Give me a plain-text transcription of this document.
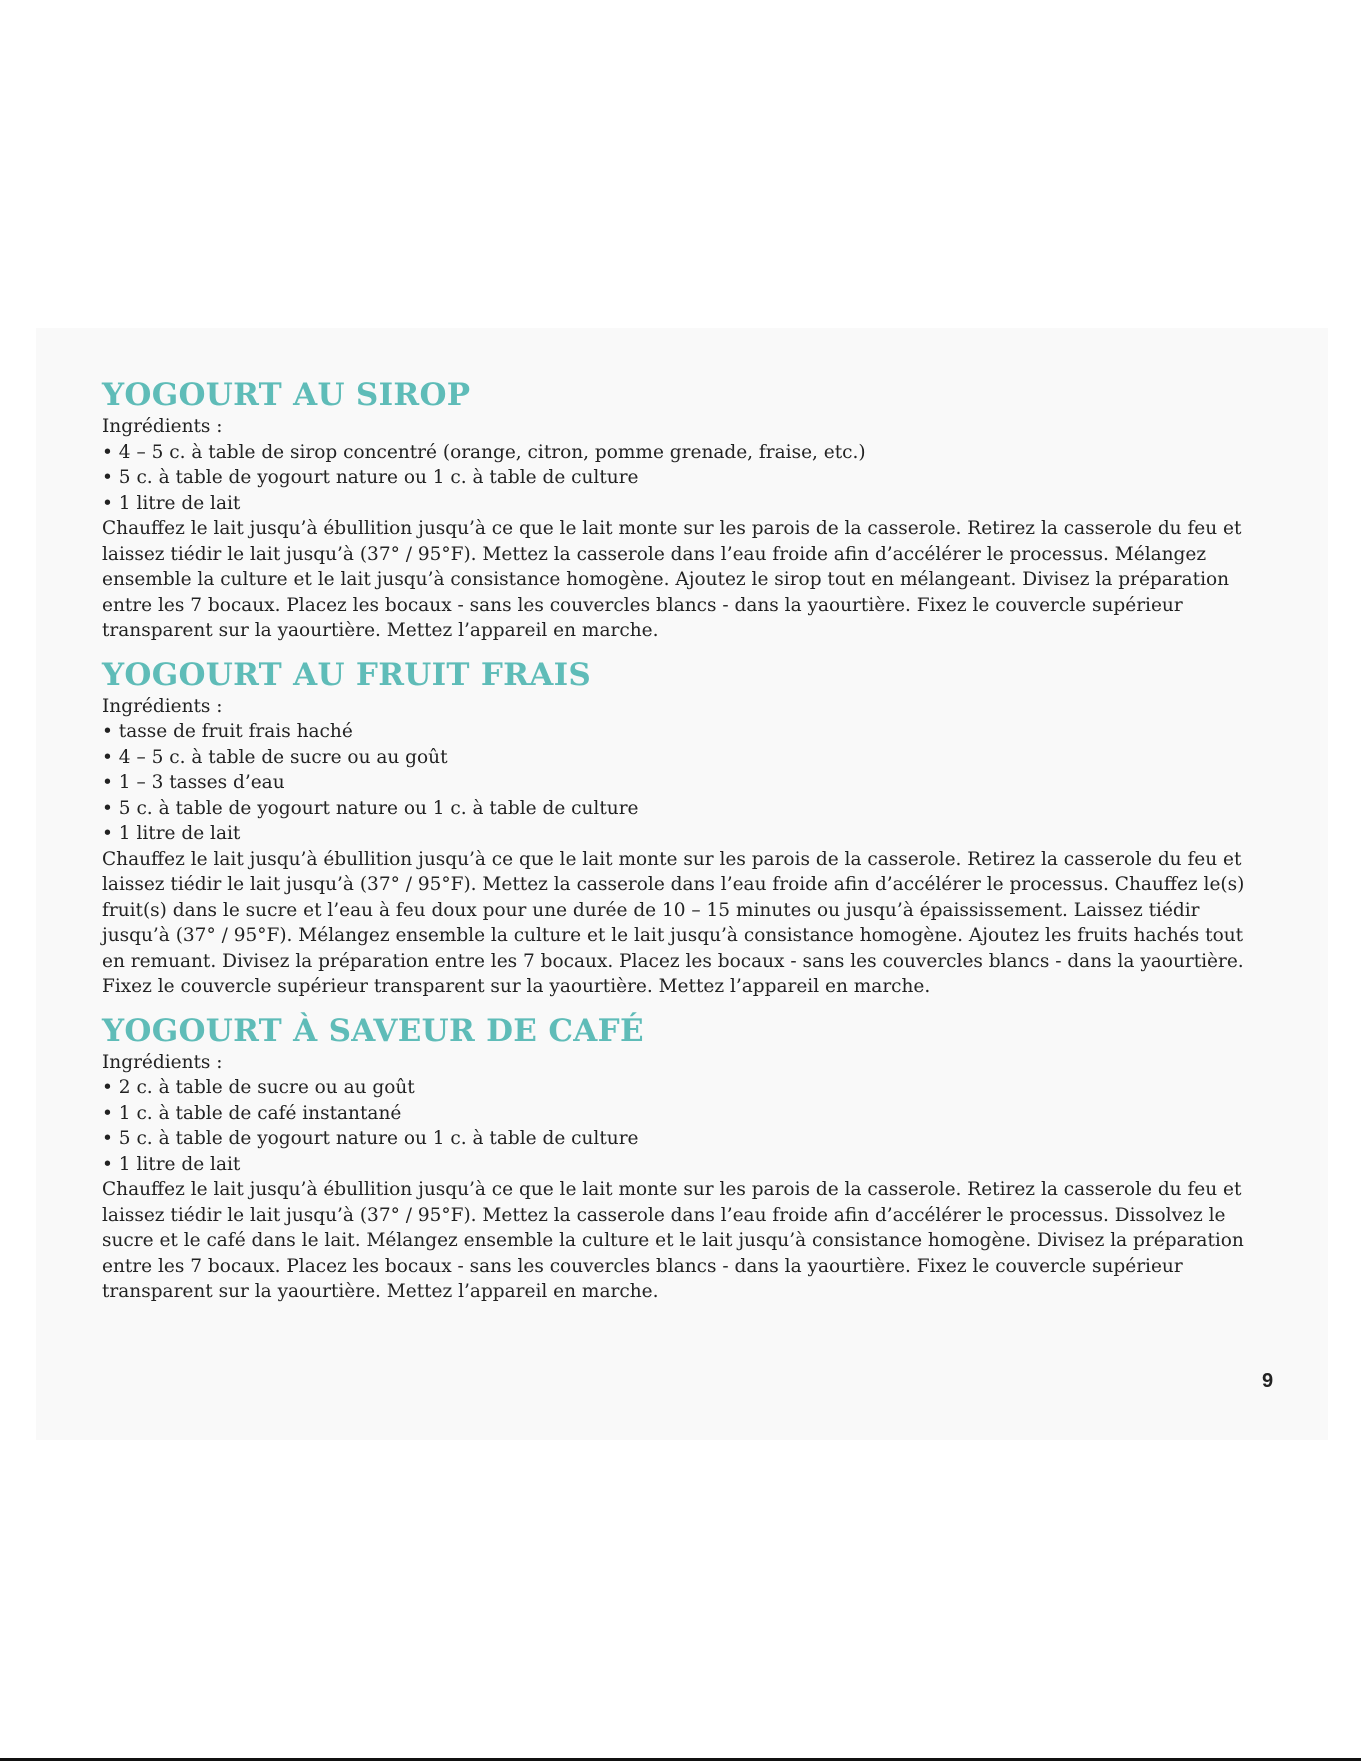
YOGOURT AU SIROP

Ingrédients :

• 4 – 5 c. à table de sirop concentré (orange, citron, pomme grenade, fraise, etc.)
• 5 c. à table de yogourt nature ou 1 c. à table de culture
• 1 litre de lait

Chauffez le lait jusqu’à ébullition jusqu’à ce que le lait monte sur les parois de la casserole. Retirez la casserole du feu et laissez tiédir le lait jusqu’à (37° / 95°F). Mettez la casserole dans l’eau froide afin d’accélérer le processus. Mélangez ensemble la culture et le lait jusqu’à consistance homogène. Ajoutez le sirop tout en mélangeant. Divisez la préparation entre les 7 bocaux. Placez les bocaux - sans les couvercles blancs - dans la yaourtière. Fixez le couvercle supérieur transparent sur la yaourtière. Mettez l’appareil en marche.

YOGOURT AU FRUIT FRAIS

Ingrédients :

• tasse de fruit frais haché
• 4 – 5 c. à table de sucre ou au goût
• 1 – 3 tasses d’eau
• 5 c. à table de yogourt nature ou 1 c. à table de culture
• 1 litre de lait

Chauffez le lait jusqu’à ébullition jusqu’à ce que le lait monte sur les parois de la casserole. Retirez la casserole du feu et laissez tiédir le lait jusqu’à (37° / 95°F). Mettez la casserole dans l’eau froide afin d’accélérer le processus. Chauffez le(s) fruit(s) dans le sucre et l’eau à feu doux pour une durée de 10 – 15 minutes ou jusqu’à épaississement. Laissez tiédir jusqu’à (37° / 95°F). Mélangez ensemble la culture et le lait jusqu’à consistance homogène. Ajoutez les fruits hachés tout en remuant. Divisez la préparation entre les 7 bocaux. Placez les bocaux - sans les couvercles blancs - dans la yaourtière. Fixez le couvercle supérieur transparent sur la yaourtière. Mettez l’appareil en marche.

YOGOURT À SAVEUR DE CAFÉ

Ingrédients :

• 2 c. à table de sucre ou au goût
• 1 c. à table de café instantané
• 5 c. à table de yogourt nature ou 1 c. à table de culture
• 1 litre de lait

Chauffez le lait jusqu’à ébullition jusqu’à ce que le lait monte sur les parois de la casserole. Retirez la casserole du feu et laissez tiédir le lait jusqu’à (37° / 95°F). Mettez la casserole dans l’eau froide afin d’accélérer le processus. Dissolvez le sucre et le café dans le lait. Mélangez ensemble la culture et le lait jusqu’à consistance homogène. Divisez la préparation entre les 7 bocaux. Placez les bocaux - sans les couvercles blancs - dans la yaourtière. Fixez le couvercle supérieur transparent sur la yaourtière. Mettez l’appareil en marche.

9
